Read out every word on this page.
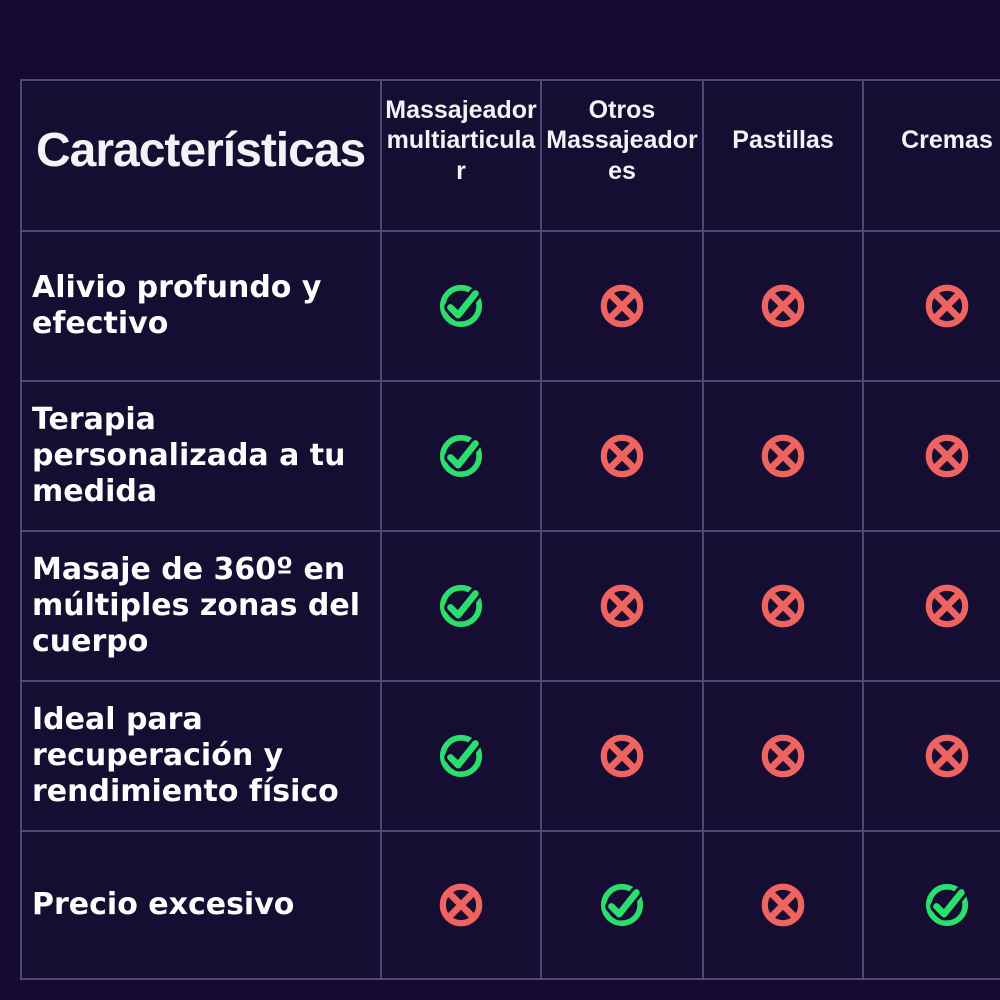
Características
Massajeador multiarticular
Otros Massajeadores
Pastillas	Cremas
Alivio profundo y efectivo
Terapia personalizada a tu medida
Masaje de 360º en múltiples zonas del cuerpo
Ideal para recuperación y rendimiento físico
Precio excesivo
